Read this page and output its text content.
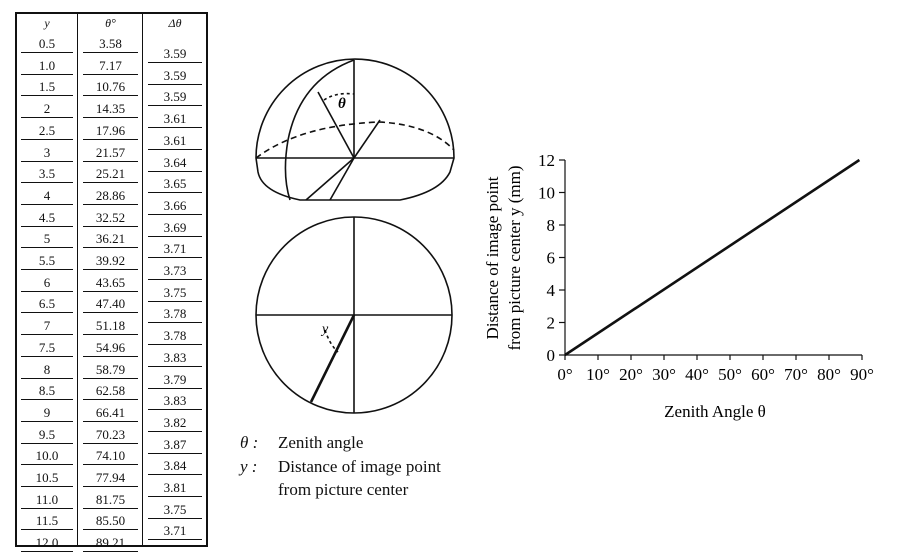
y
0.5
1.0
1.5
2
2.5
3
3.5
4
4.5
5
5.5
6
6.5
7
7.5
8
8.5
9
9.5
10.0
10.5
11.0
11.5
12.0
θ°
3.58
7.17
10.76
14.35
17.96
21.57
25.21
28.86
32.52
36.21
39.92
43.65
47.40
51.18
54.96
58.79
62.58
66.41
70.23
74.10
77.94
81.75
85.50
89.21
Δθ
3.59
3.59
3.59
3.61
3.61
3.64
3.65
3.66
3.69
3.71
3.73
3.75
3.78
3.78
3.83
3.79
3.83
3.82
3.87
3.84
3.81
3.75
3.71
θ
y
0
2
4
6
8
10
12
0° 10° 20° 30° 40° 50° 60° 70° 80° 90°
Zenith Angle θ
Distance of image point from picture center y (mm)
θ : Zenith angle
y : Distance of image point
from picture center
